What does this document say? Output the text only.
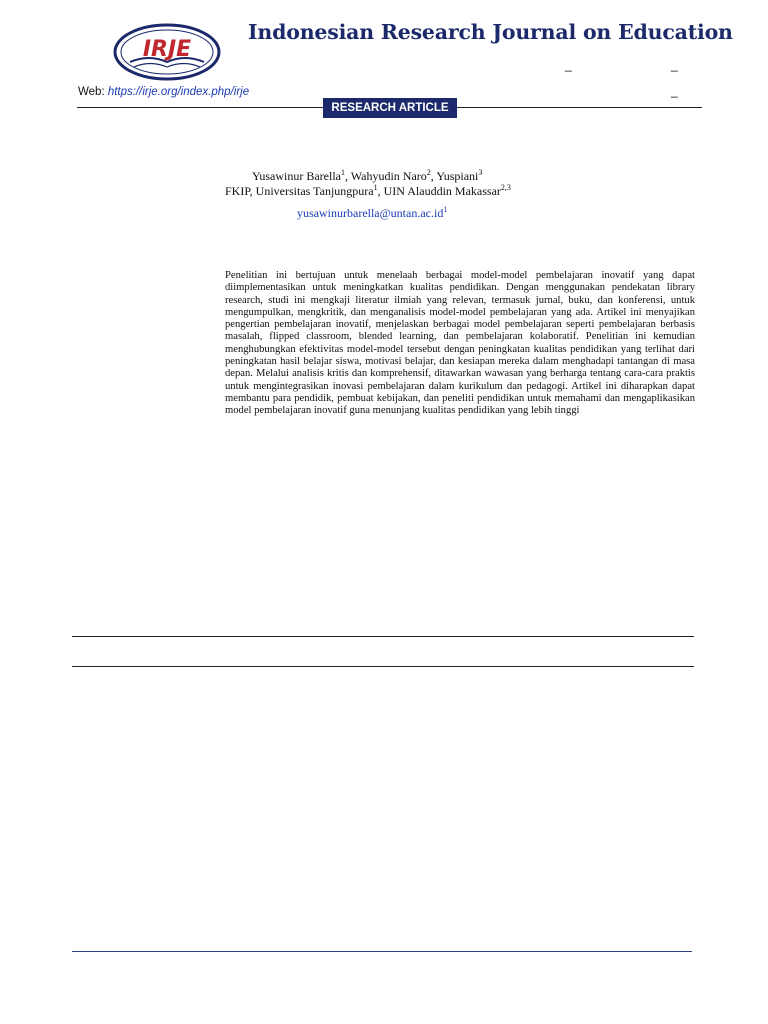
IRJE
Indonesian Research Journal on Education
_	_
_
Web: https://irje.org/index.php/irje
RESEARCH ARTICLE
Yusawinur Barella$^1$, Wahyudin Naro$^2$, Yuspiani$^3$
FKIP, Universitas Tanjungpura$^1$, UIN Alauddin Makassar$^{2,3}$
$yusawinurbarella@untan.ac.id^1$

Penelitian ini bertujuan untuk menelaah berbagai model-model pembelajaran inovatif yang dapat diimplementasikan untuk meningkatkan kualitas pendidikan. Dengan menggunakan pendekatan library research, studi ini mengkaji literatur ilmiah yang relevan, termasuk jurnal, buku, dan konferensi, untuk mengumpulkan, mengkritik, dan menganalisis model-model pembelajaran yang ada. Artikel ini menyajikan pengertian pembelajaran inovatif, menjelaskan berbagai model pembelajaran seperti pembelajaran berbasis masalah, flipped classroom, blended learning, dan pembelajaran kolaboratif. Penelitian ini kemudian menghubungkan efektivitas model-model tersebut dengan peningkatan kualitas pendidikan yang terlihat dari peningkatan hasil belajar siswa, motivasi belajar, dan kesiapan mereka dalam menghadapi tantangan di masa depan. Melalui analisis kritis dan komprehensif, ditawarkan wawasan yang berharga tentang cara-cara praktis untuk mengintegrasikan inovasi pembelajaran dalam kurikulum dan pedagogi. Artikel ini diharapkan dapat membantu para pendidik, pembuat kebijakan, dan peneliti pendidikan untuk memahami dan mengaplikasikan model pembelajaran inovatif guna menunjang kualitas pendidikan yang lebih tinggi
